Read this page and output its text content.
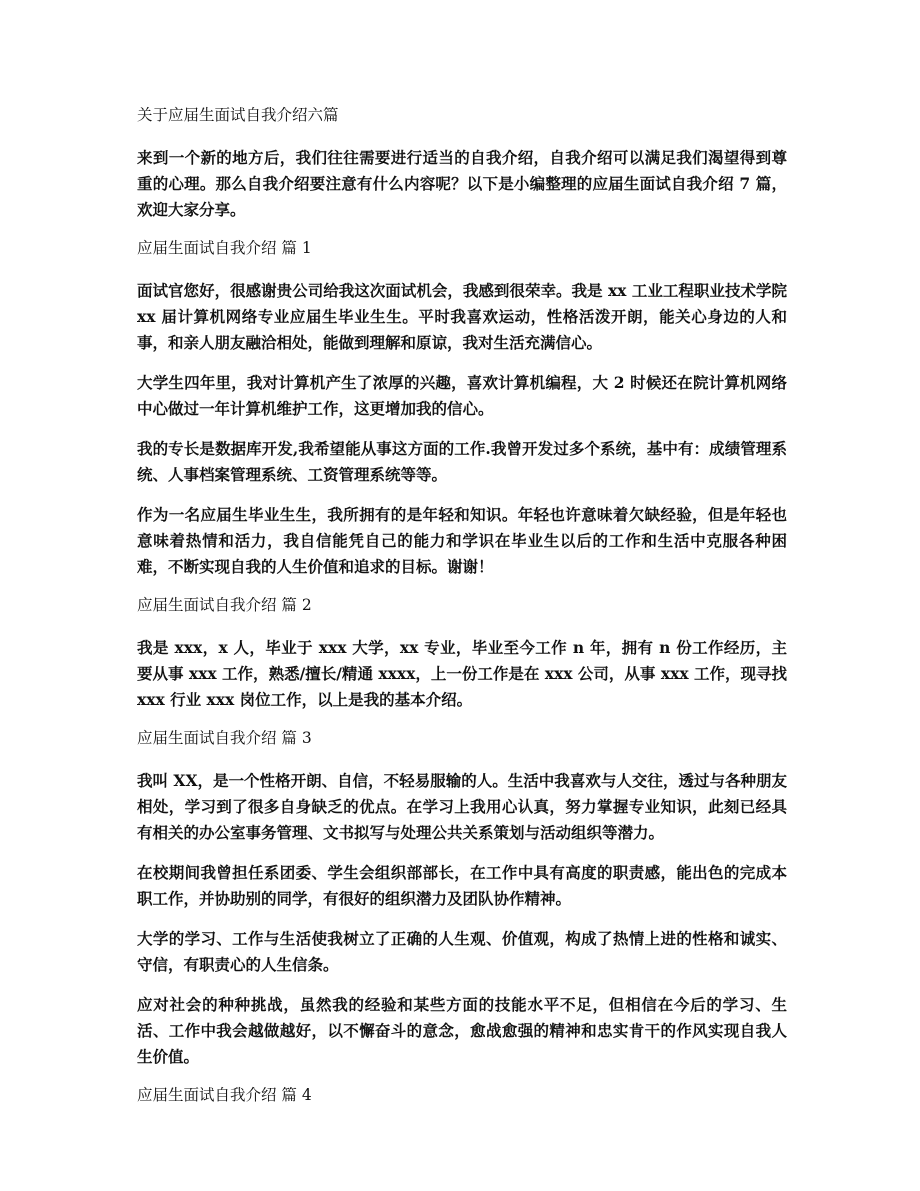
关于应届生面试自我介绍六篇

来到一个新的地方后，我们往往需要进行适当的自我介绍，自我介绍可以满足我们渴望得到尊重的心理。那么自我介绍要注意有什么内容呢？以下是小编整理的应届生面试自我介绍 7 篇，欢迎大家分享。

应届生面试自我介绍 篇 1

面试官您好，很感谢贵公司给我这次面试机会，我感到很荣幸。我是 xx 工业工程职业技术学院 xx 届计算机网络专业应届生毕业生生。平时我喜欢运动，性格活泼开朗，能关心身边的人和事，和亲人朋友融洽相处，能做到理解和原谅，我对生活充满信心。

大学生四年里，我对计算机产生了浓厚的兴趣，喜欢计算机编程，大 2 时候还在院计算机网络中心做过一年计算机维护工作，这更增加我的信心。

我的专长是数据库开发,我希望能从事这方面的工作.我曾开发过多个系统，基中有：成绩管理系统、人事档案管理系统、工资管理系统等等。

作为一名应届生毕业生生，我所拥有的是年轻和知识。年轻也许意味着欠缺经验，但是年轻也意味着热情和活力，我自信能凭自己的能力和学识在毕业生以后的工作和生活中克服各种困难，不断实现自我的人生价值和追求的目标。谢谢！

应届生面试自我介绍 篇 2

我是 xxx，x 人，毕业于 xxx 大学，xx 专业，毕业至今工作 n 年，拥有 n 份工作经历，主要从事 xxx 工作，熟悉/擅长/精通 xxxx，上一份工作是在 xxx 公司，从事 xxx 工作，现寻找 xxx 行业 xxx 岗位工作，以上是我的基本介绍。

应届生面试自我介绍 篇 3

我叫 XX，是一个性格开朗、自信，不轻易服输的人。生活中我喜欢与人交往，透过与各种朋友相处，学习到了很多自身缺乏的优点。在学习上我用心认真，努力掌握专业知识，此刻已经具有相关的办公室事务管理、文书拟写与处理公共关系策划与活动组织等潜力。

在校期间我曾担任系团委、学生会组织部部长，在工作中具有高度的职责感，能出色的完成本职工作，并协助别的同学，有很好的组织潜力及团队协作精神。

大学的学习、工作与生活使我树立了正确的人生观、价值观，构成了热情上进的性格和诚实、守信，有职责心的人生信条。

应对社会的种种挑战，虽然我的经验和某些方面的技能水平不足，但相信在今后的学习、生活、工作中我会越做越好，以不懈奋斗的意念，愈战愈强的精神和忠实肯干的作风实现自我人生价值。

应届生面试自我介绍 篇 4
